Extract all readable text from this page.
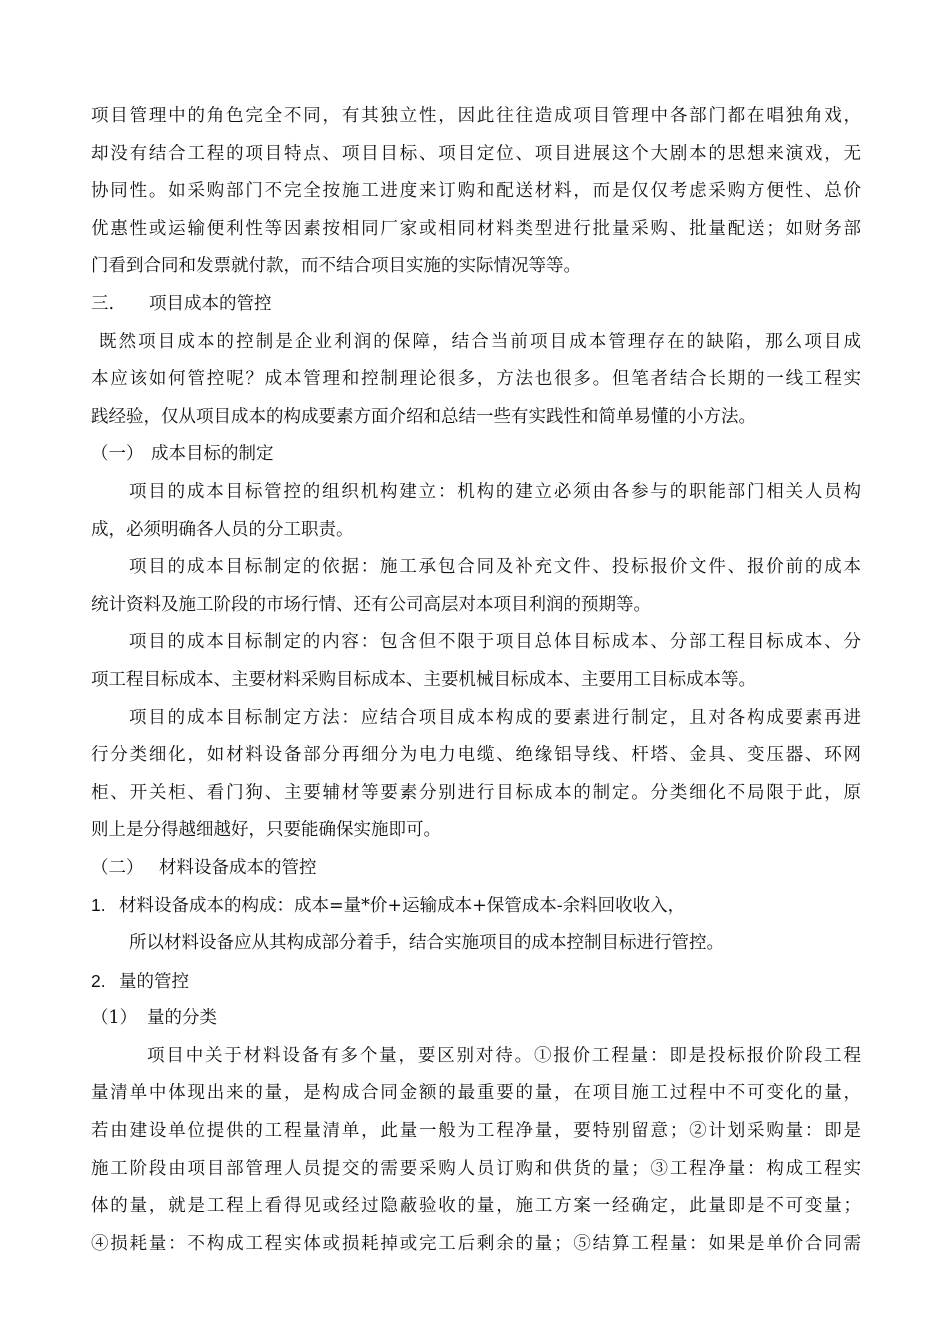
项目管理中的角色完全不同，有其独立性，因此往往造成项目管理中各部门都在唱独角戏，
却没有结合工程的项目特点、项目目标、项目定位、项目进展这个大剧本的思想来演戏，无
协同性。如采购部门不完全按施工进度来订购和配送材料，而是仅仅考虑采购方便性、总价
优惠性或运输便利性等因素按相同厂家或相同材料类型进行批量采购、批量配送；如财务部
门看到合同和发票就付款，而不结合项目实施的实际情况等等。
三. 项目成本的管控
既然项目成本的控制是企业利润的保障，结合当前项目成本管理存在的缺陷，那么项目成
本应该如何管控呢？成本管理和控制理论很多，方法也很多。但笔者结合长期的一线工程实
践经验，仅从项目成本的构成要素方面介绍和总结一些有实践性和简单易懂的小方法。
（一） 成本目标的制定
项目的成本目标管控的组织机构建立：机构的建立必须由各参与的职能部门相关人员构
成，必须明确各人员的分工职责。
项目的成本目标制定的依据：施工承包合同及补充文件、投标报价文件、报价前的成本
统计资料及施工阶段的市场行情、还有公司高层对本项目利润的预期等。
项目的成本目标制定的内容：包含但不限于项目总体目标成本、分部工程目标成本、分
项工程目标成本、主要材料采购目标成本、主要机械目标成本、主要用工目标成本等。
项目的成本目标制定方法：应结合项目成本构成的要素进行制定，且对各构成要素再进
行分类细化，如材料设备部分再细分为电力电缆、绝缘铝导线、杆塔、金具、变压器、环网
柜、开关柜、看门狗、主要辅材等要素分别进行目标成本的制定。分类细化不局限于此，原
则上是分得越细越好，只要能确保实施即可。
（二） 材料设备成本的管控
1. 材料设备成本的构成：成本=量*价+运输成本+保管成本-余料回收收入，
所以材料设备应从其构成部分着手，结合实施项目的成本控制目标进行管控。
2. 量的管控
（1） 量的分类
项目中关于材料设备有多个量，要区别对待。①报价工程量：即是投标报价阶段工程
量清单中体现出来的量，是构成合同金额的最重要的量，在项目施工过程中不可变化的量，
若由建设单位提供的工程量清单，此量一般为工程净量，要特别留意；②计划采购量：即是
施工阶段由项目部管理人员提交的需要采购人员订购和供货的量；③工程净量：构成工程实
体的量，就是工程上看得见或经过隐蔽验收的量，施工方案一经确定，此量即是不可变量；
④损耗量：不构成工程实体或损耗掉或完工后剩余的量；⑤结算工程量：如果是单价合同需
